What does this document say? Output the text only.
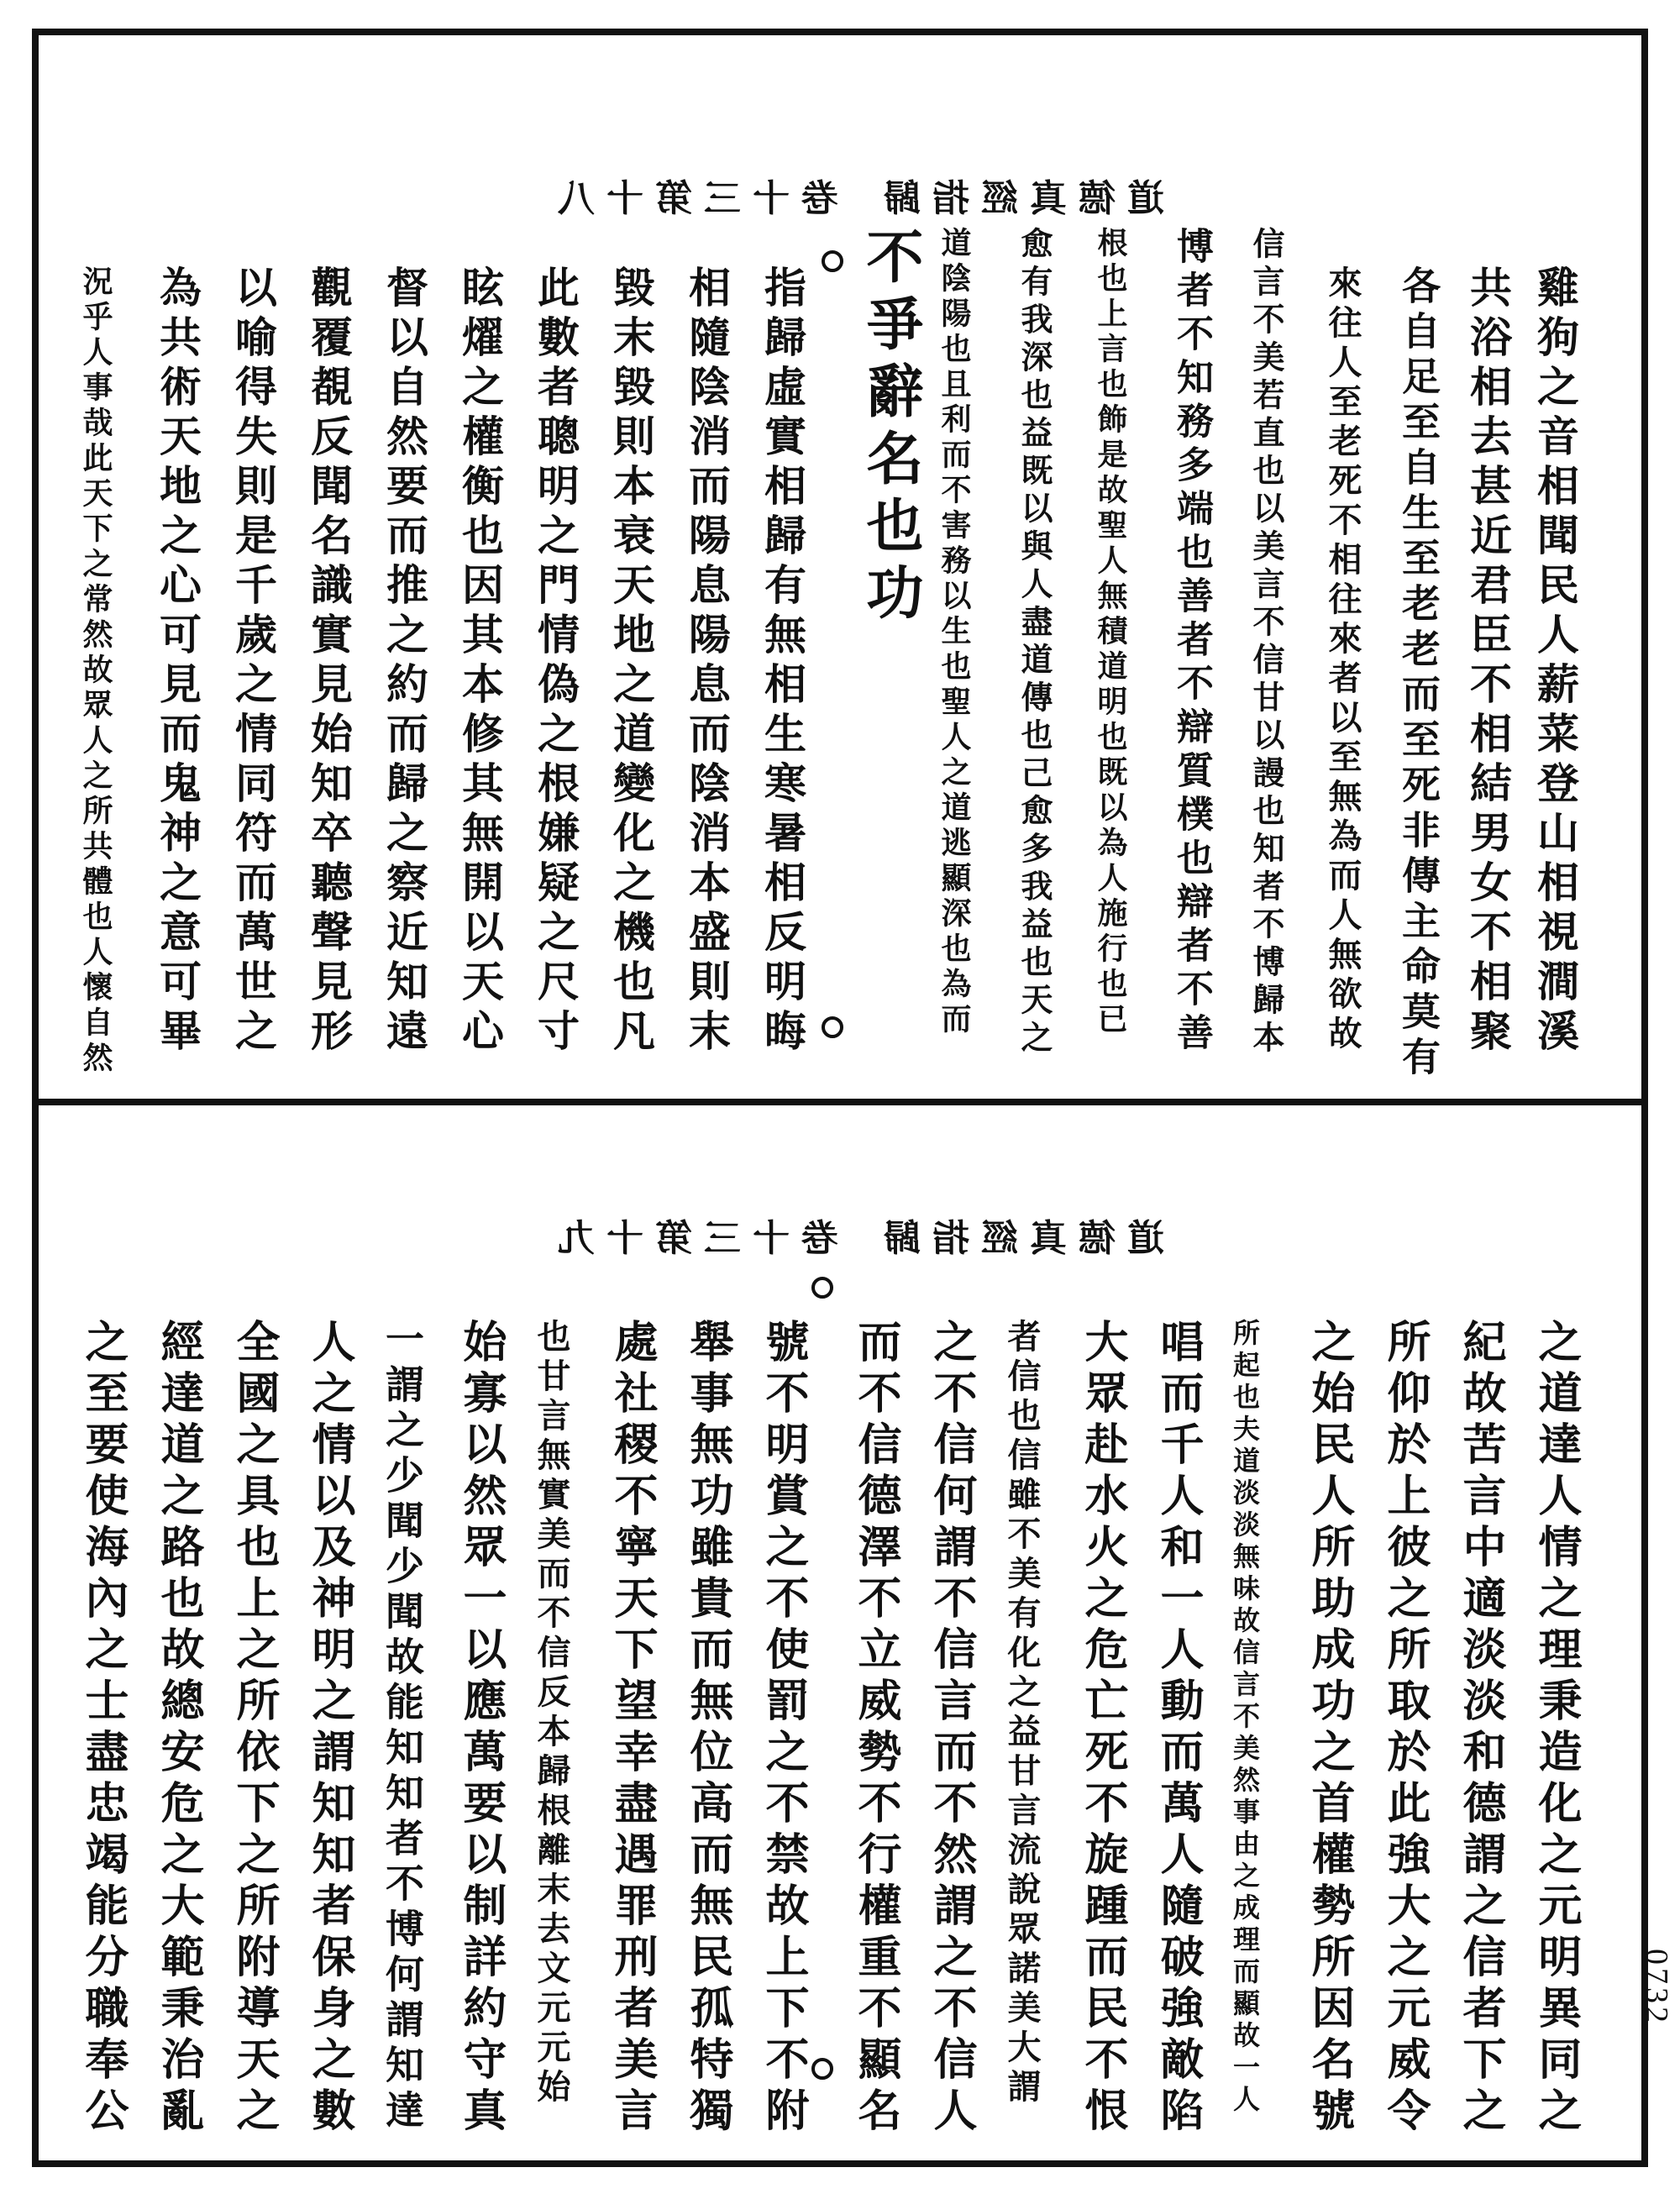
卷十三第十八 道德真經指歸
雞狗之音相聞民人薪菜登山相視澗溪
共浴相去甚近君臣不相結男女不相聚
各自足至自生至老老而至死非傳主命莫有
來往人至老死不相往來者以至無為而人無欲故
信言不美若直也以美言不信甘以謾也知者不博歸本
博者不知務多端也善者不辯質樸也辯者不善
根也上言也飾是故聖人無積道明也既以為人施行也已
愈有我深也益既以與人盡道傳也己愈多我益也天之
道陰陽也且利而不害務以生也聖人之道逃顯深也為而
不爭辭名也功
指歸虛實相歸有無相生寒暑相反明晦
相隨陰消而陽息陽息而陰消本盛則末
毀末毀則本衰天地之道變化之機也凡
此數者聰明之門情偽之根嫌疑之尺寸
眩燿之權衡也因其本修其無開以天心
督以自然要而推之約而歸之察近知遠
觀覆覩反聞名識實見始知卒聽聲見形
以喻得失則是千歲之情同符而萬世之
為共術天地之心可見而鬼神之意可畢
況乎人事哉此天下之常然故眾人之所共體也人懷自然
卷十三第十九 道德真經指歸
之道達人情之理秉造化之元明異同之
紀故苦言中適淡淡和德謂之信者下之
所仰於上彼之所取於此強大之元威令
之始民人所助成功之首權勢所因名號
所起也夫道淡淡無味故信言不美然事由之成理而顯故一人
唱而千人和一人動而萬人隨破強敵陷
大眾赴水火之危亡死不旋踵而民不恨
者信也信雖不美有化之益甘言流說眾諾美大謂
之不信何謂不信言而不然謂之不信人
而不信德澤不立威勢不行權重不顯名
號不明賞之不使罰之不禁故上下不附
舉事無功雖貴而無位高而無民孤特獨
處社稷不寧天下望幸盡遇罪刑者美言
也甘言無實美而不信反本歸根離末去文元元始
始寡以然眾一以應萬要以制詳約守真
一謂之少聞少聞故能知知者不博何謂知達
人之情以及神明之謂知知者保身之數
全國之具也上之所依下之所附導天之
經達道之路也故總安危之大範秉治亂
之至要使海內之士盡忠竭能分職奉公	0732
